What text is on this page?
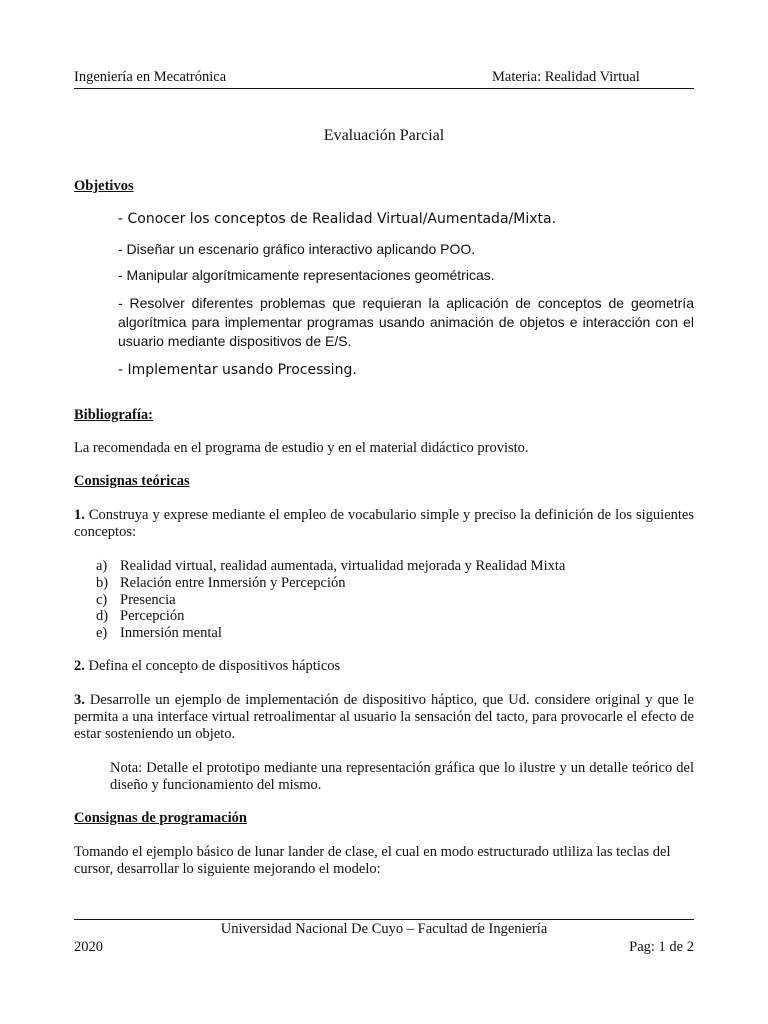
Ingeniería en Mecatrónica	Materia: Realidad Virtual
Evaluación Parcial
Objetivos
- Conocer los conceptos de Realidad Virtual/Aumentada/Mixta.
- Diseñar un escenario gráfico interactivo aplicando POO.
- Manipular algorítmicamente representaciones geométricas.
- Resolver diferentes problemas que requieran la aplicación de conceptos de geometría algorítmica para implementar programas usando animación de objetos e interacción con el usuario mediante dispositivos de E/S.
- Implementar usando Processing.
Bibliografía:
La recomendada en el programa de estudio y en el material didáctico provisto.
Consignas teóricas
1. Construya y exprese mediante el empleo de vocabulario simple y preciso la definición de los siguientes conceptos:
a) Realidad virtual, realidad aumentada, virtualidad mejorada y Realidad Mixta
b) Relación entre Inmersión y Percepción
c) Presencia
d) Percepción
e) Inmersión mental
2. Defina el concepto de dispositivos hápticos
3. Desarrolle un ejemplo de implementación de dispositivo háptico, que Ud. considere original y que le permita a una interface virtual retroalimentar al usuario la sensación del tacto, para provocarle el efecto de estar sosteniendo un objeto.
Nota: Detalle el prototipo mediante una representación gráfica que lo ilustre y un detalle teórico del diseño y funcionamiento del mismo.
Consignas de programación
Tomando el ejemplo básico de lunar lander de clase, el cual en modo estructurado utliliza las teclas del cursor, desarrollar lo siguiente mejorando el modelo:
Universidad Nacional De Cuyo – Facultad de Ingeniería
2020	Pag: 1 de 2
